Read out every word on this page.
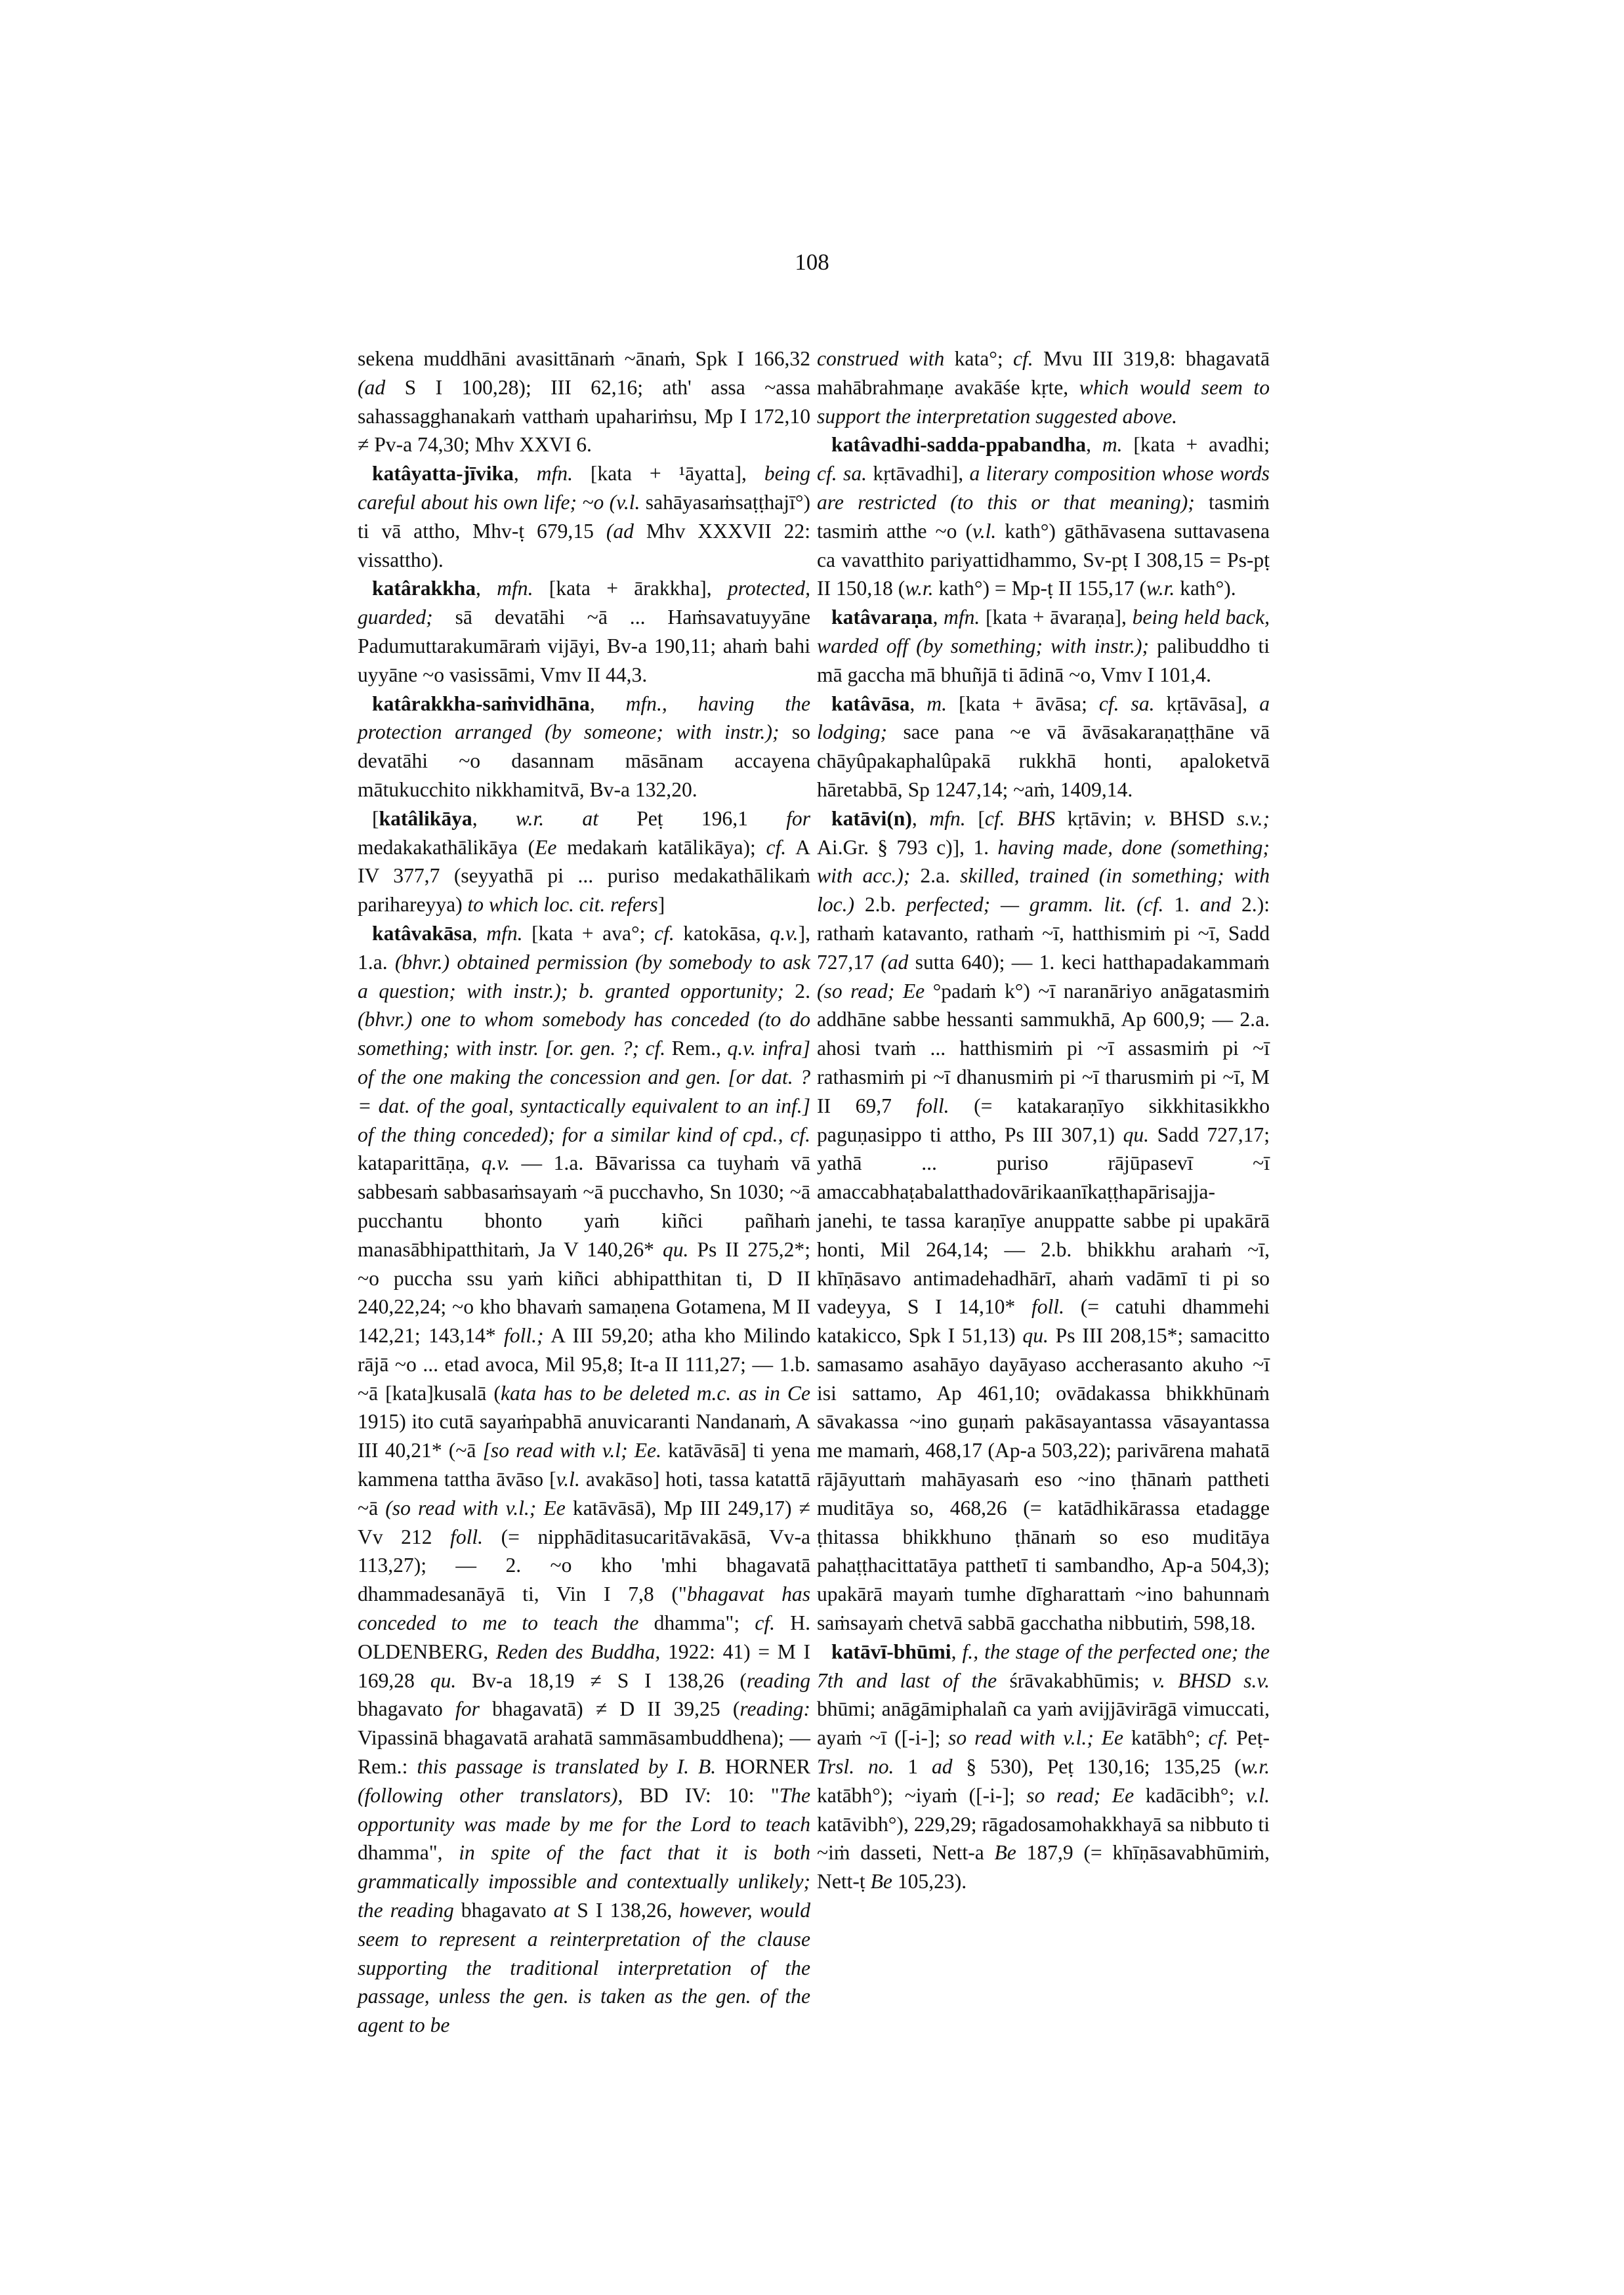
108

sekena muddhāni avasittānaṁ ~ānaṁ, Spk I 166,32 (ad S I 100,28); III 62,16; ath' assa ~assa sahassagghanakaṁ vatthaṁ upahariṁsu, Mp I 172,10 ≠ Pv-a 74,30; Mhv XXVI 6.

katâyatta-jīvika, mfn. [kata + ¹āyatta], being careful about his own life; ~o (v.l. sahāyasaṁsaṭṭhajī°) ti vā attho, Mhv-ṭ 679,15 (ad Mhv XXXVII 22: vissattho).

katârakkha, mfn. [kata + ārakkha], protected, guarded; sā devatāhi ~ā ... Haṁsavatuyyāne Padumuttarakumāraṁ vijāyi, Bv-a 190,11; ahaṁ bahi uyyāne ~o vasissāmi, Vmv II 44,3.

katârakkha-saṁvidhāna, mfn., having the protection arranged (by someone; with instr.); so devatāhi ~o dasannam māsānam accayena mātukucchito nikkhamitvā, Bv-a 132,20.

[katâlikāya, w.r. at Peṭ 196,1 for medakakathālikāya (Ee medakaṁ katālikāya); cf. A IV 377,7 (seyyathā pi ... puriso medakathālikaṁ parihareyya) to which loc. cit. refers]

katâvakāsa, mfn. [kata + ava°; cf. katokāsa, q.v.], 1.a. (bhvr.) obtained permission (by somebody to ask a question; with instr.); b. granted opportunity; 2. (bhvr.) one to whom somebody has conceded (to do something; with instr. [or. gen. ?; cf. Rem., q.v. infra] of the one making the concession and gen. [or dat. ? = dat. of the goal, syntactically equivalent to an inf.] of the thing conceded); for a similar kind of cpd., cf. kataparittāṇa, q.v. — 1.a. Bāvarissa ca tuyhaṁ vā sabbesaṁ sabbasaṁsayaṁ ~ā pucchavho, Sn 1030; ~ā pucchantu bhonto yaṁ kiñci pañhaṁ manasābhipatthitaṁ, Ja V 140,26* qu. Ps II 275,2*; ~o puccha ssu yaṁ kiñci abhipatthitan ti, D II 240,22,24; ~o kho bhavaṁ samaṇena Gotamena, M II 142,21; 143,14* foll.; A III 59,20; atha kho Milindo rājā ~o ... etad avoca, Mil 95,8; It-a II 111,27; — 1.b. ~ā [kata]kusalā (kata has to be deleted m.c. as in Ce 1915) ito cutā sayaṁpabhā anuvicaranti Nandanaṁ, A III 40,21* (~ā [so read with v.l; Ee. katāvāsā] ti yena kammena tattha āvāso [v.l. avakāso] hoti, tassa katattā ~ā (so read with v.l.; Ee katāvāsā), Mp III 249,17) ≠ Vv 212 foll. (= nipphāditasucaritāvakāsā, Vv-a 113,27); — 2. ~o kho 'mhi bhagavatā dhammadesanāyā ti, Vin I 7,8 ("bhagavat has conceded to me to teach the dhamma"; cf. H. OLDENBERG, Reden des Buddha, 1922: 41) = M I 169,28 qu. Bv-a 18,19 ≠ S I 138,26 (reading bhagavato for bhagavatā) ≠ D II 39,25 (reading: Vipassinā bhagavatā arahatā sammāsambuddhena); — Rem.: this passage is translated by I. B. HORNER (following other translators), BD IV: 10: "The opportunity was made by me for the Lord to teach dhamma", in spite of the fact that it is both grammatically impossible and contextually unlikely; the reading bhagavato at S I 138,26, however, would seem to represent a reinterpretation of the clause supporting the traditional interpretation of the passage, unless the gen. is taken as the gen. of the agent to be

construed with kata°; cf. Mvu III 319,8: bhagavatā mahābrahmaṇe avakāśe kṛte, which would seem to support the interpretation suggested above.

katâvadhi-sadda-ppabandha, m. [kata + avadhi; cf. sa. kṛtāvadhi], a literary composition whose words are restricted (to this or that meaning); tasmiṁ tasmiṁ atthe ~o (v.l. kath°) gāthāvasena suttavasena ca vavatthito pariyattidhammo, Sv-pṭ I 308,15 = Ps-pṭ II 150,18 (w.r. kath°) = Mp-ṭ II 155,17 (w.r. kath°).

katâvaraṇa, mfn. [kata + āvaraṇa], being held back, warded off (by something; with instr.); palibuddho ti mā gaccha mā bhuñjā ti ādinā ~o, Vmv I 101,4.

katâvāsa, m. [kata + āvāsa; cf. sa. kṛtāvāsa], a lodging; sace pana ~e vā āvāsakaraṇaṭṭhāne vā chāyûpakaphalûpakā rukkhā honti, apaloketvā hāretabbā, Sp 1247,14; ~aṁ, 1409,14.

katāvi(n), mfn. [cf. BHS kṛtāvin; v. BHSD s.v.; Ai.Gr. § 793 c)], 1. having made, done (something; with acc.); 2.a. skilled, trained (in something; with loc.) 2.b. perfected; — gramm. lit. (cf. 1. and 2.): rathaṁ katavanto, rathaṁ ~ī, hatthismiṁ pi ~ī, Sadd 727,17 (ad sutta 640); — 1. keci hatthapadakammaṁ (so read; Ee °padaṁ k°) ~ī naranāriyo anāgatasmiṁ addhāne sabbe hessanti sammukhā, Ap 600,9; — 2.a. ahosi tvaṁ ... hatthismiṁ pi ~ī assasmiṁ pi ~ī rathasmiṁ pi ~ī dhanusmiṁ pi ~ī tharusmiṁ pi ~ī, M II 69,7 foll. (= katakaraṇīyo sikkhitasikkho paguṇasippo ti attho, Ps III 307,1) qu. Sadd 727,17; yathā ... puriso rājūpasevī ~ī amaccabhaṭabalatthadovārikaanīkaṭṭhapārisajja-janehi, te tassa karaṇīye anuppatte sabbe pi upakārā honti, Mil 264,14; — 2.b. bhikkhu arahaṁ ~ī, khīṇāsavo antimadehadhārī, ahaṁ vadāmī ti pi so vadeyya, S I 14,10* foll. (= catuhi dhammehi katakicco, Spk I 51,13) qu. Ps III 208,15*; samacitto samasamo asahāyo dayāyaso accherasanto akuho ~ī isi sattamo, Ap 461,10; ovādakassa bhikkhūnaṁ sāvakassa ~ino guṇaṁ pakāsayantassa vāsayantassa me mamaṁ, 468,17 (Ap-a 503,22); parivārena mahatā rājāyuttaṁ mahāyasaṁ eso ~ino ṭhānaṁ pattheti muditāya so, 468,26 (= katādhikārassa etadagge ṭhitassa bhikkhuno ṭhānaṁ so eso muditāya pahaṭṭhacittatāya patthetī ti sambandho, Ap-a 504,3); upakārā mayaṁ tumhe dīgharattaṁ ~ino bahunnaṁ saṁsayaṁ chetvā sabbā gacchatha nibbutiṁ, 598,18.

katāvī-bhūmi, f., the stage of the perfected one; the 7th and last of the śrāvakabhūmis; v. BHSD s.v. bhūmi; anāgāmiphalañ ca yaṁ avijjāvirāgā vimuccati, ayaṁ ~ī ([-i-]; so read with v.l.; Ee katābh°; cf. Peṭ-Trsl. no. 1 ad § 530), Peṭ 130,16; 135,25 (w.r. katābh°); ~iyaṁ ([-i-]; so read; Ee kadācibh°; v.l. katāvibh°), 229,29; rāgadosamohakkhayā sa nibbuto ti ~iṁ dasseti, Nett-a Be 187,9 (= khīṇāsavabhūmiṁ, Nett-ṭ Be 105,23).
